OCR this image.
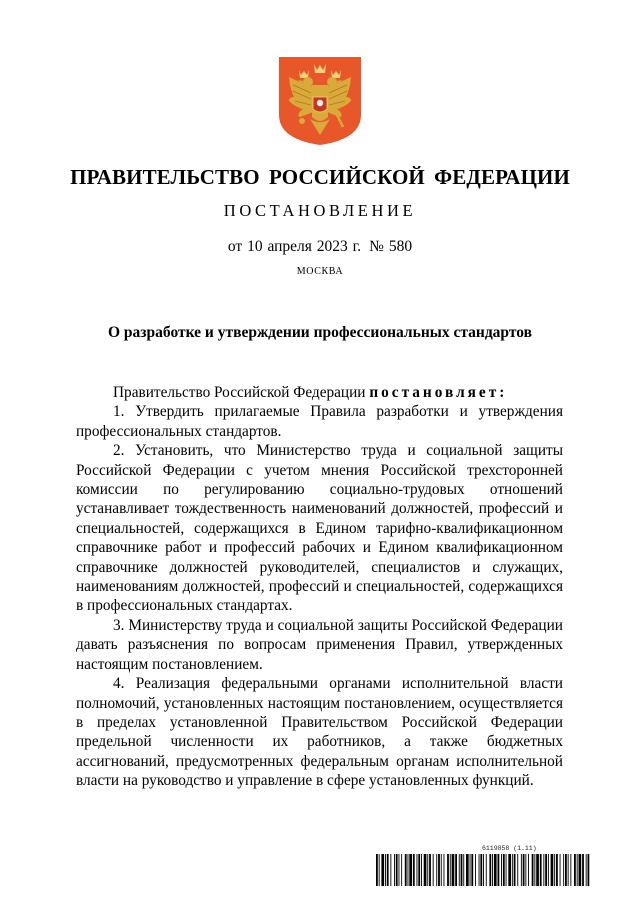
ПРАВИТЕЛЬСТВО РОССИЙСКОЙ ФЕДЕРАЦИИ
ПОСТАНОВЛЕНИЕ
от 10 апреля 2023 г. № 580
МОСКВА
О разработке и утверждении профессиональных стандартов

Правительство Российской Федерации постановляет:

1. Утвердить прилагаемые Правила разработки и утверждения профессиональных стандартов.

2. Установить, что Министерство труда и социальной защиты Российской Федерации с учетом мнения Российской трехсторонней комиссии по регулированию социально-трудовых отношений устанавливает тождественность наименований должностей, профессий и специальностей, содержащихся в Едином тарифно-квалификационном справочнике работ и профессий рабочих и Едином квалификационном справочнике должностей руководителей, специалистов и служащих, наименованиям должностей, профессий и специальностей, содержащихся в профессиональных стандартах.

3. Министерству труда и социальной защиты Российской Федерации давать разъяснения по вопросам применения Правил, утвержденных настоящим постановлением.

4. Реализация федеральными органами исполнительной власти полномочий, установленных настоящим постановлением, осуществляется в пределах установленной Правительством Российской Федерации предельной численности их работников, а также бюджетных ассигнований, предусмотренных федеральным органам исполнительной власти на руководство и управление в сфере установленных функций.

6119858 (1.11)
